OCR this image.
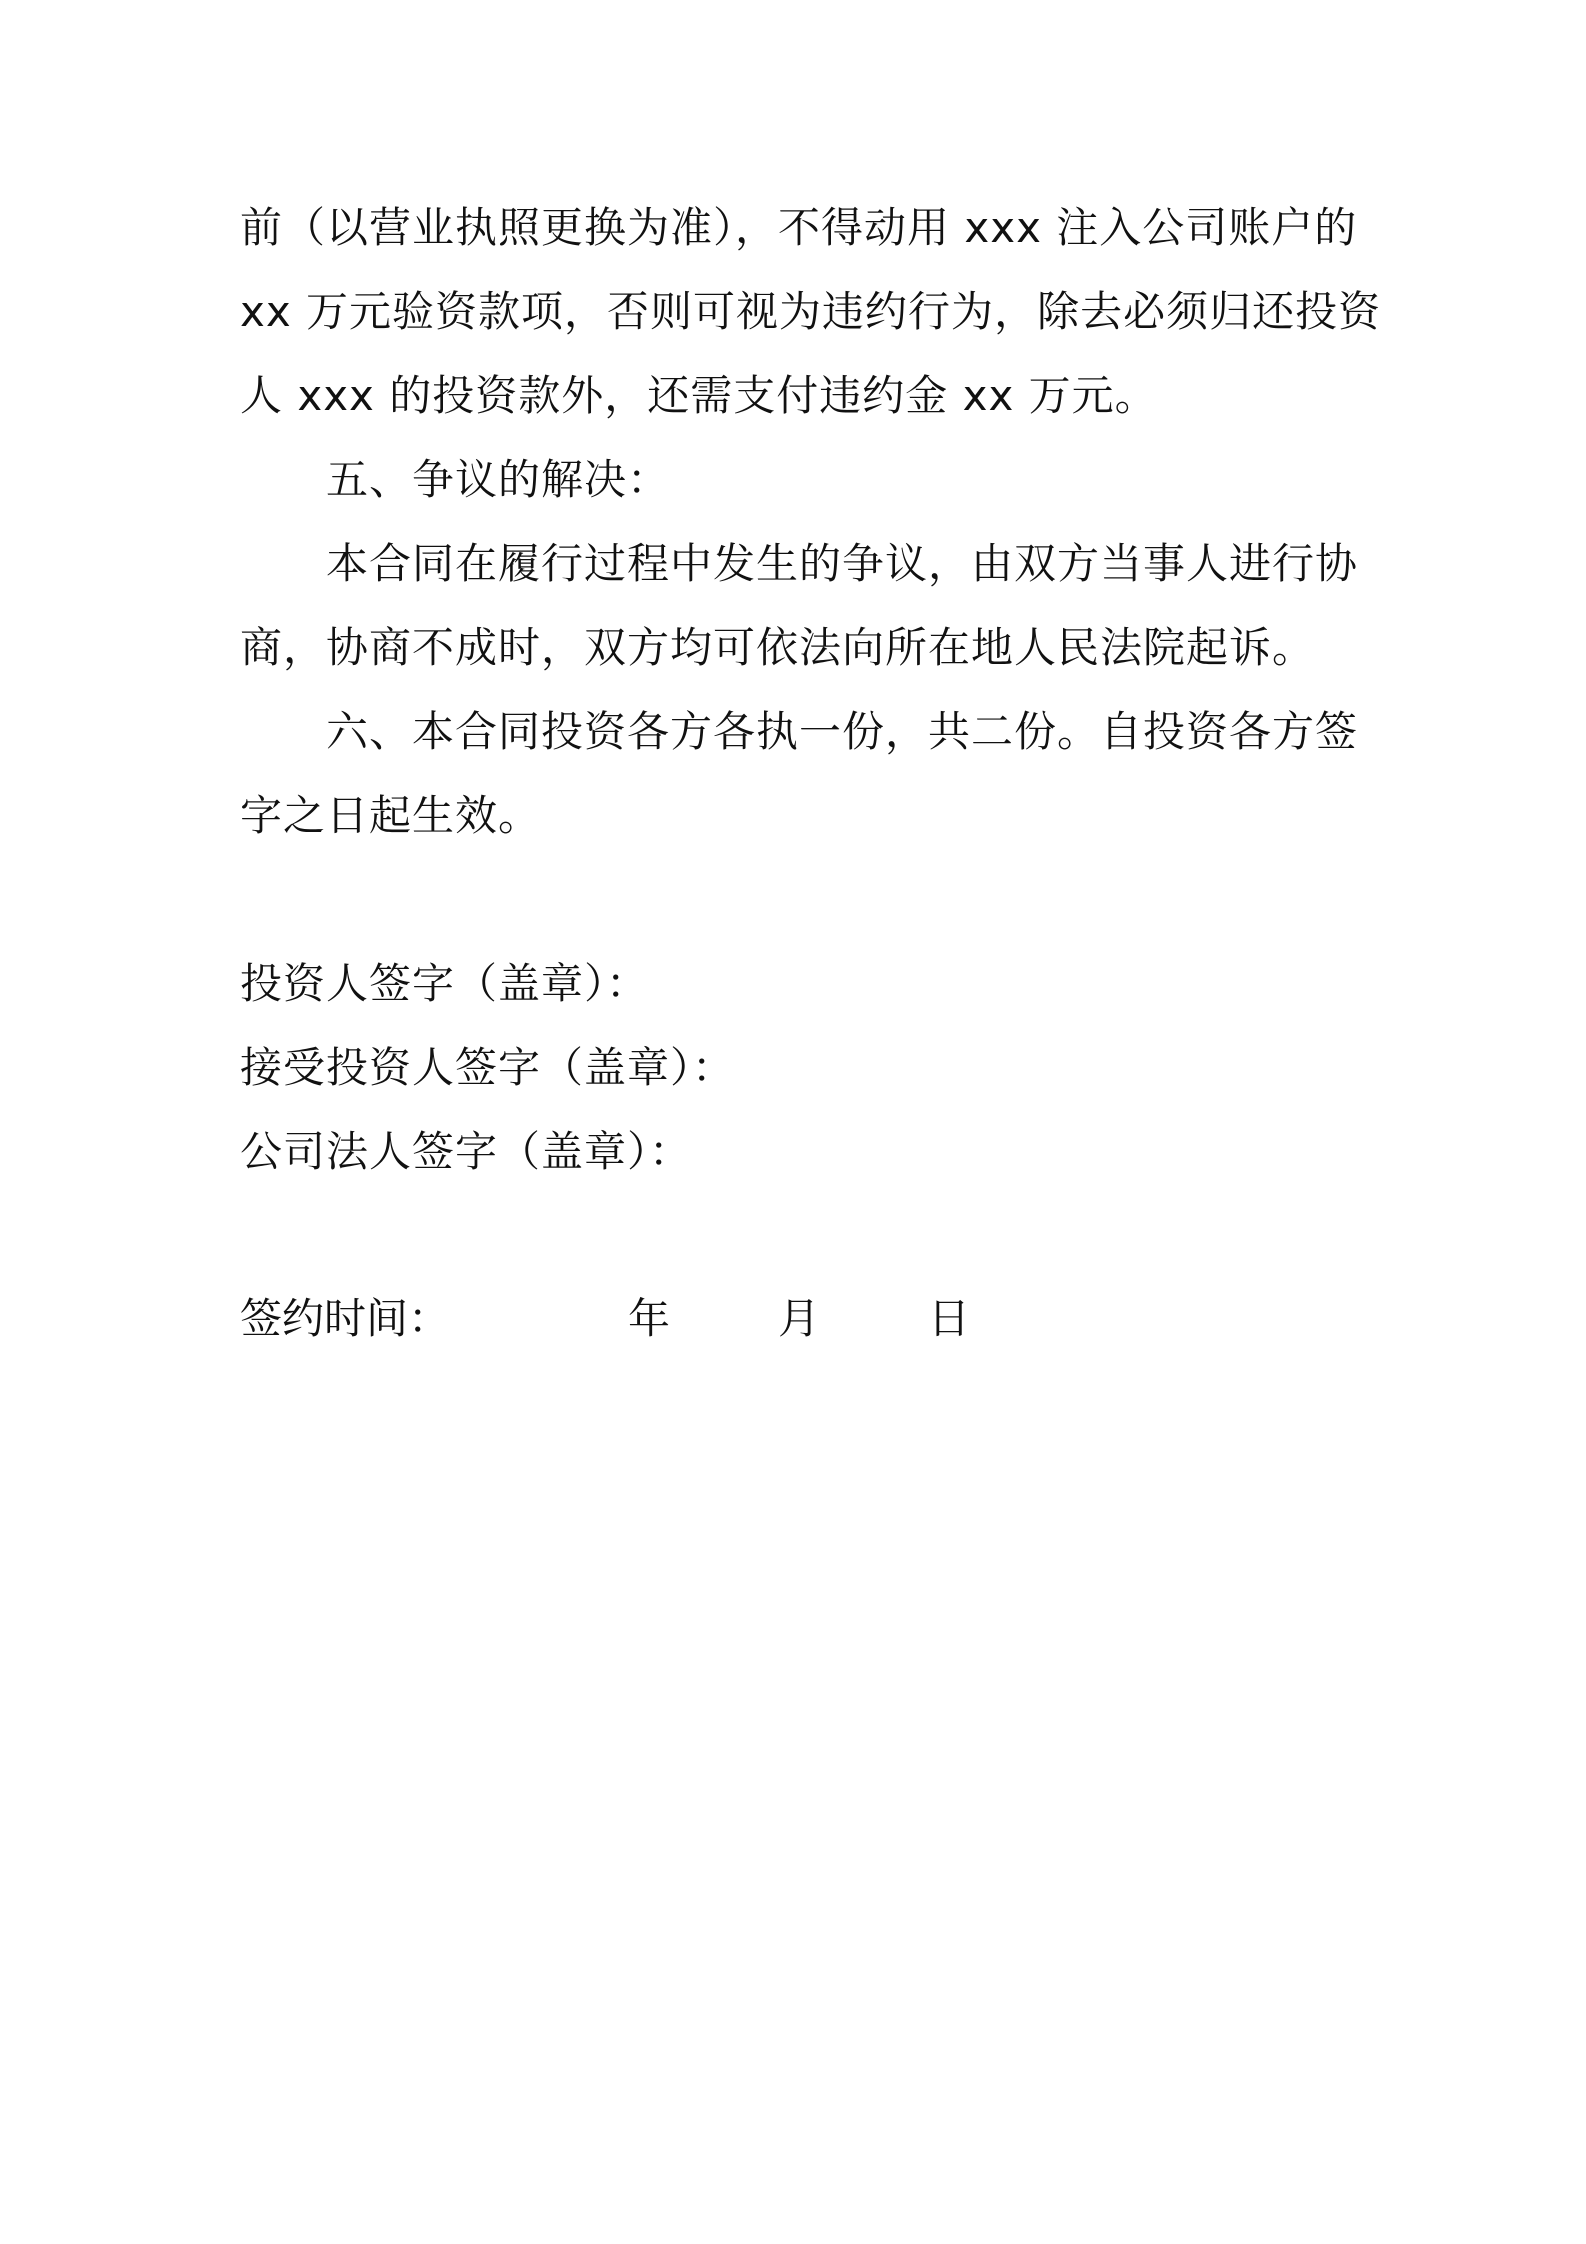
前（以营业执照更换为准），不得动用 xxx 注入公司账户的
xx 万元验资款项，否则可视为违约行为，除去必须归还投资
人 xxx 的投资款外，还需支付违约金 xx 万元。
五、争议的解决：
本合同在履行过程中发生的争议，由双方当事人进行协
商，协商不成时，双方均可依法向所在地人民法院起诉。
六、本合同投资各方各执一份，共二份。自投资各方签
字之日起生效。
投资人签字（盖章）：
接受投资人签字（盖章）：
公司法人签字（盖章）：
签约时间：	年	月	日
